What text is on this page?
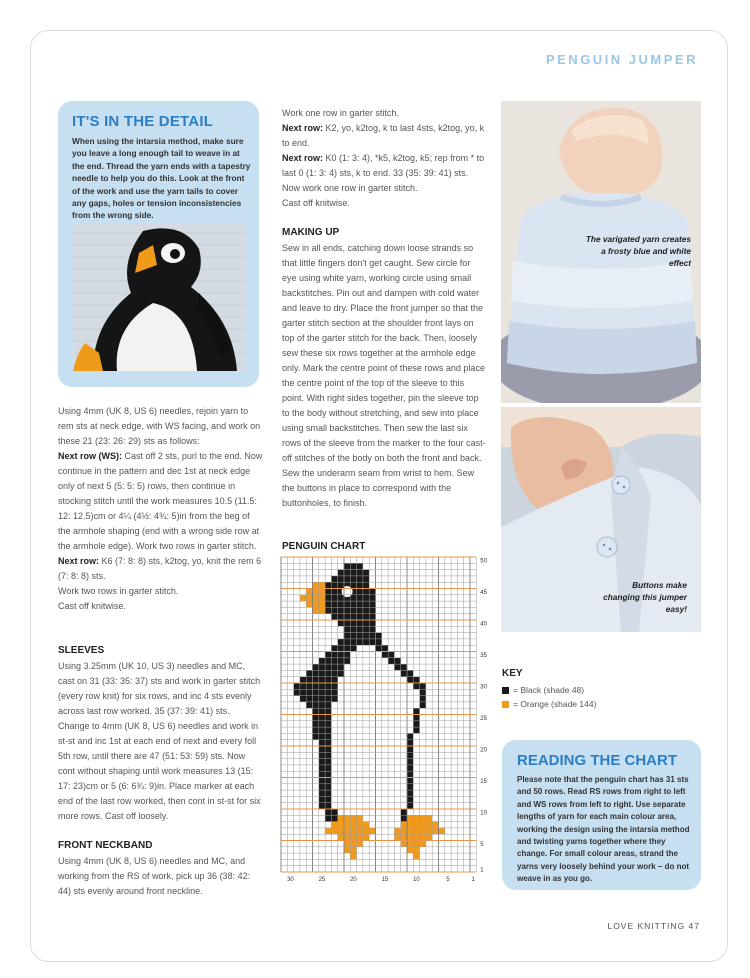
PENGUIN JUMPER
IT'S IN THE DETAIL
When using the intarsia method, make sure you leave a long enough tail to weave in at the end. Thread the yarn ends with a tapestry needle to help you do this. Look at the front of the work and use the yarn tails to cover any gaps, holes or tension inconsistencies from the wrong side.

Using 4mm (UK 8, US 6) needles, rejoin yarn to rem sts at neck edge, with WS facing, and work on these 21 (23: 26: 29) sts as follows:

Next row (WS): Cast off 2 sts, purl to the end. Now continue in the pattern and dec 1st at neck edge only of next 5 (5: 5: 5) rows, then continue in stocking stitch until the work measures 10.5 (11.5: 12: 12.5)cm or 4¼ (4½: 4¾: 5)in from the beg of the armhole shaping (end with a wrong side row at the armhole edge). Work two rows in garter stitch.

Next row: K6 (7: 8: 8) sts, k2tog, yo, knit the rem 6 (7: 8: 8) sts.

Work two rows in garter stitch.

Cast off knitwise.

SLEEVES
Using 3.25mm (UK 10, US 3) needles and MC, cast on 31 (33: 35: 37) sts and work in garter stitch (every row knit) for six rows, and inc 4 sts evenly across last row worked. 35 (37: 39: 41) sts. Change to 4mm (UK 8, US 6) needles and work in st-st and inc 1st at each end of next and every foll 5th row, until there are 47 (51: 53: 59) sts. Now cont without shaping until work measures 13 (15: 17: 23)cm or 5 (6: 6¾: 9)in. Place marker at each end of the last row worked, then cont in st-st for six more rows. Cast off loosely.
FRONT NECKBAND
Using 4mm (UK 8, US 6) needles and MC, and working from the RS of work, pick up 36 (38: 42: 44) sts evenly around front neckline.

Work one row in garter stitch.

Next row: K2, yo, k2tog, k to last 4sts, k2tog, yo, k to end.

Next row: K0 (1: 3: 4), *k5, k2tog, k5; rep from * to last 0 (1: 3: 4) sts, k to end. 33 (35: 39: 41) sts. Now work one row in garter stitch.

Cast off knitwise.

MAKING UP
Sew in all ends, catching down loose strands so that little fingers don't get caught. Sew circle for eye using white yarn, working circle using small backstitches. Pin out and dampen with cold water and leave to dry. Place the front jumper so that the garter stitch section at the shoulder front lays on top of the garter stitch for the back. Then, loosely sew these six rows together at the armhole edge only. Mark the centre point of these rows and place the centre point of the top of the sleeve to this point. With right sides together, pin the sleeve top to the body without stretching, and sew into place using small backstitches. Then sew the last six rows of the sleeve from the marker to the four cast-off stitches of the body on both the front and back. Sew the underarm seam from wrist to hem. Sew the buttons in place to correspond with the buttonholes, to finish.
PENGUIN CHART
50
45
40
35
30
25
20
15
10
5
1
30	25	20	15	10	5	1
The varigated yarn creates a frosty blue and white effect
Buttons make changing this jumper easy!
KEY
= Black (shade 48)
= Orange (shade 144)
READING THE CHART
Please note that the penguin chart has 31 sts and 50 rows. Read RS rows from right to left and WS rows from left to right. Use separate lengths of yarn for each main colour area, working the design using the intarsia method and twisting yarns together where they change. For small colour areas, strand the yarns very loosely behind your work – do not weave in as you go.
LOVE KNITTING 47
